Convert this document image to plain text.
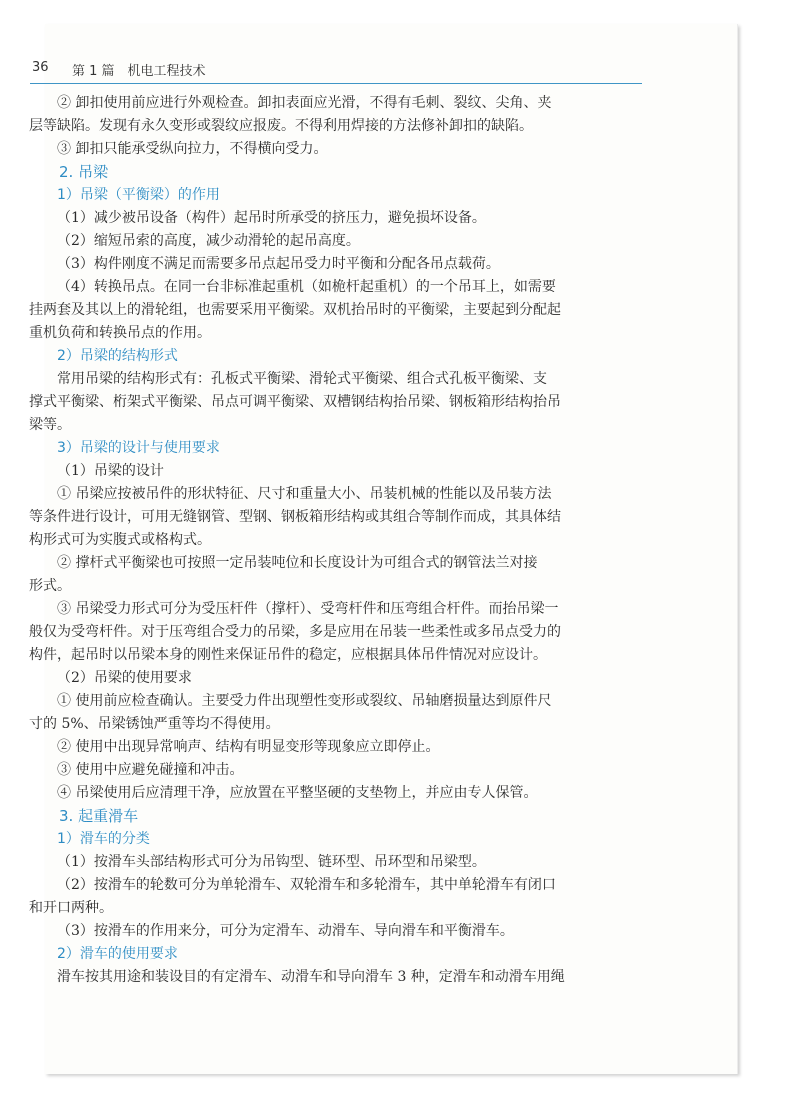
36 第 1 篇　机电工程技术

② 卸扣使用前应进行外观检查。卸扣表面应光滑，不得有毛刺、裂纹、尖角、夹

层等缺陷。发现有永久变形或裂纹应报废。不得利用焊接的方法修补卸扣的缺陷。

③ 卸扣只能承受纵向拉力，不得横向受力。

2. 吊梁
1）吊梁（平衡梁）的作用

（1）减少被吊设备（构件）起吊时所承受的挤压力，避免损坏设备。

（2）缩短吊索的高度，减少动滑轮的起吊高度。

（3）构件刚度不满足而需要多吊点起吊受力时平衡和分配各吊点载荷。

（4）转换吊点。在同一台非标准起重机（如桅杆起重机）的一个吊耳上，如需要

挂两套及其以上的滑轮组，也需要采用平衡梁。双机抬吊时的平衡梁，主要起到分配起

重机负荷和转换吊点的作用。

2）吊梁的结构形式

常用吊梁的结构形式有：孔板式平衡梁、滑轮式平衡梁、组合式孔板平衡梁、支

撑式平衡梁、桁架式平衡梁、吊点可调平衡梁、双槽钢结构抬吊梁、钢板箱形结构抬吊

梁等。

3）吊梁的设计与使用要求

（1）吊梁的设计

① 吊梁应按被吊件的形状特征、尺寸和重量大小、吊装机械的性能以及吊装方法

等条件进行设计，可用无缝钢管、型钢、钢板箱形结构或其组合等制作而成，其具体结

构形式可为实腹式或格构式。

② 撑杆式平衡梁也可按照一定吊装吨位和长度设计为可组合式的钢管法兰对接

形式。

③ 吊梁受力形式可分为受压杆件（撑杆）、受弯杆件和压弯组合杆件。而抬吊梁一

般仅为受弯杆件。对于压弯组合受力的吊梁，多是应用在吊装一些柔性或多吊点受力的

构件，起吊时以吊梁本身的刚性来保证吊件的稳定，应根据具体吊件情况对应设计。

（2）吊梁的使用要求

① 使用前应检查确认。主要受力件出现塑性变形或裂纹、吊轴磨损量达到原件尺

寸的 5%、吊梁锈蚀严重等均不得使用。

② 使用中出现异常响声、结构有明显变形等现象应立即停止。

③ 使用中应避免碰撞和冲击。

④ 吊梁使用后应清理干净，应放置在平整坚硬的支垫物上，并应由专人保管。

3. 起重滑车
1）滑车的分类

（1）按滑车头部结构形式可分为吊钩型、链环型、吊环型和吊梁型。

（2）按滑车的轮数可分为单轮滑车、双轮滑车和多轮滑车，其中单轮滑车有闭口

和开口两种。

（3）按滑车的作用来分，可分为定滑车、动滑车、导向滑车和平衡滑车。

2）滑车的使用要求

滑车按其用途和装设目的有定滑车、动滑车和导向滑车 3 种，定滑车和动滑车用绳
